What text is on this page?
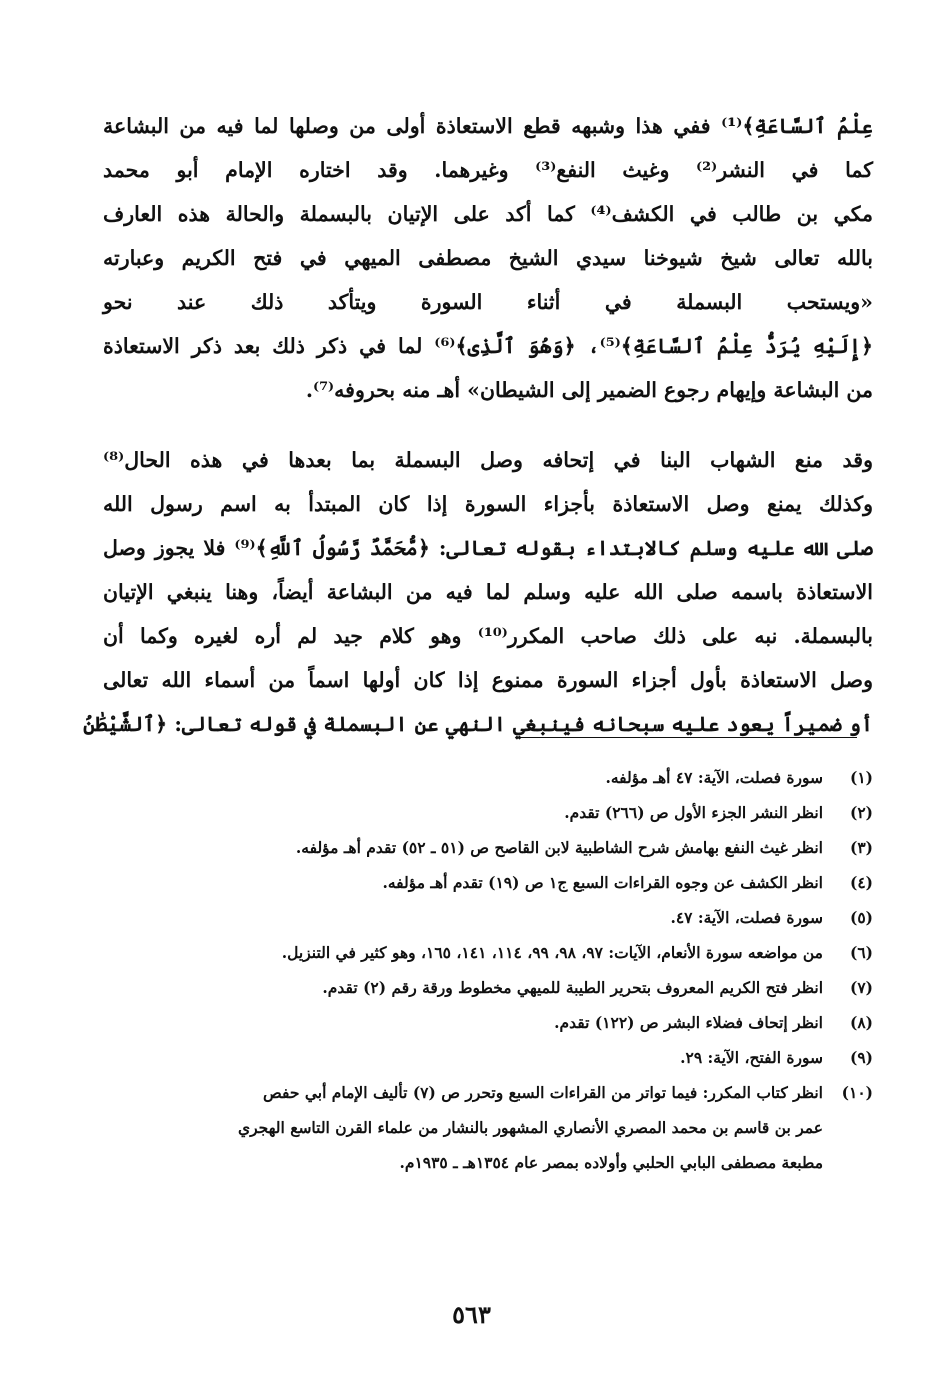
عِلْمُ ٱلسَّاعَةِ﴾⁽¹⁾ ففي هذا وشبهه قطع الاستعاذة أولى من وصلها لما فيه من البشاعة
كما في النشر⁽²⁾ وغيث النفع⁽³⁾ وغيرهما. وقد اختاره الإمام أبو محمد
مكي بن طالب في الكشف⁽⁴⁾ كما أكد على الإتيان بالبسملة والحالة هذه العارف
بالله تعالى شيخ شيوخنا سيدي الشيخ مصطفى الميهي في فتح الكريم وعبارته
«ويستحب البسملة في أثناء السورة ويتأكد ذلك عند نحو
﴿إِلَيْهِ يُرَدُّ عِلْمُ ٱلسَّاعَةِ﴾⁽⁵⁾، ﴿وَهُوَ ٱلَّذِى﴾⁽⁶⁾ لما في ذكر ذلك بعد ذكر الاستعاذة
من البشاعة وإيهام رجوع الضمير إلى الشيطان» أهـ منه بحروفه⁽⁷⁾.
وقد منع الشهاب البنا في إتحافه وصل البسملة بما بعدها في هذه الحال⁽⁸⁾
وكذلك يمنع وصل الاستعاذة بأجزاء السورة إذا كان المبتدأ به اسم رسول الله
صلى الله عليه وسلم كالابتداء بقوله تعالى: ﴿مُّحَمَّدٌ رَّسُولُ ٱللَّهِ﴾⁽⁹⁾ فلا يجوز وصل
الاستعاذة باسمه صلى الله عليه وسلم لما فيه من البشاعة أيضاً، وهنا ينبغي الإتيان
بالبسملة. نبه على ذلك صاحب المكرر⁽¹⁰⁾ وهو كلام جيد لم أره لغيره وكما أن
وصل الاستعاذة بأول أجزاء السورة ممنوع إذا كان أولها اسماً من أسماء الله تعالى
أو ضميراً يعود عليه سبحانه فينبغي النهي عن البسملة في قوله تعالى: ﴿ٱلشَّيْطَٰنُ
(١)
سورة فصلت، الآية: ٤٧ أهـ مؤلفه.
(٢)
انظر النشر الجزء الأول ص (٢٦٦) تقدم.
(٣)
انظر غيث النفع بهامش شرح الشاطبية لابن القاصح ص (٥١ ـ ٥٢) تقدم أهـ مؤلفه.
(٤)
انظر الكشف عن وجوه القراءات السبع ج١ ص (١٩) تقدم أهـ مؤلفه.
(٥)
سورة فصلت، الآية: ٤٧.
(٦)
من مواضعه سورة الأنعام، الآيات: ٩٧، ٩٨، ٩٩، ١١٤، ١٤١، ١٦٥، وهو كثير في التنزيل.
(٧)
انظر فتح الكريم المعروف بتحرير الطيبة للميهي مخطوط ورقة رقم (٢) تقدم.
(٨)
انظر إتحاف فضلاء البشر ص (١٢٢) تقدم.
(٩)
سورة الفتح، الآية: ٢٩.
(١٠)
انظر كتاب المكرر: فيما تواتر من القراءات السبع وتحرر ص (٧) تأليف الإمام أبي حفص
عمر بن قاسم بن محمد المصري الأنصاري المشهور بالنشار من علماء القرن التاسع الهجري
مطبعة مصطفى البابي الحلبي وأولاده بمصر عام ١٣٥٤هـ ـ ١٩٣٥م.
٥٦٣
